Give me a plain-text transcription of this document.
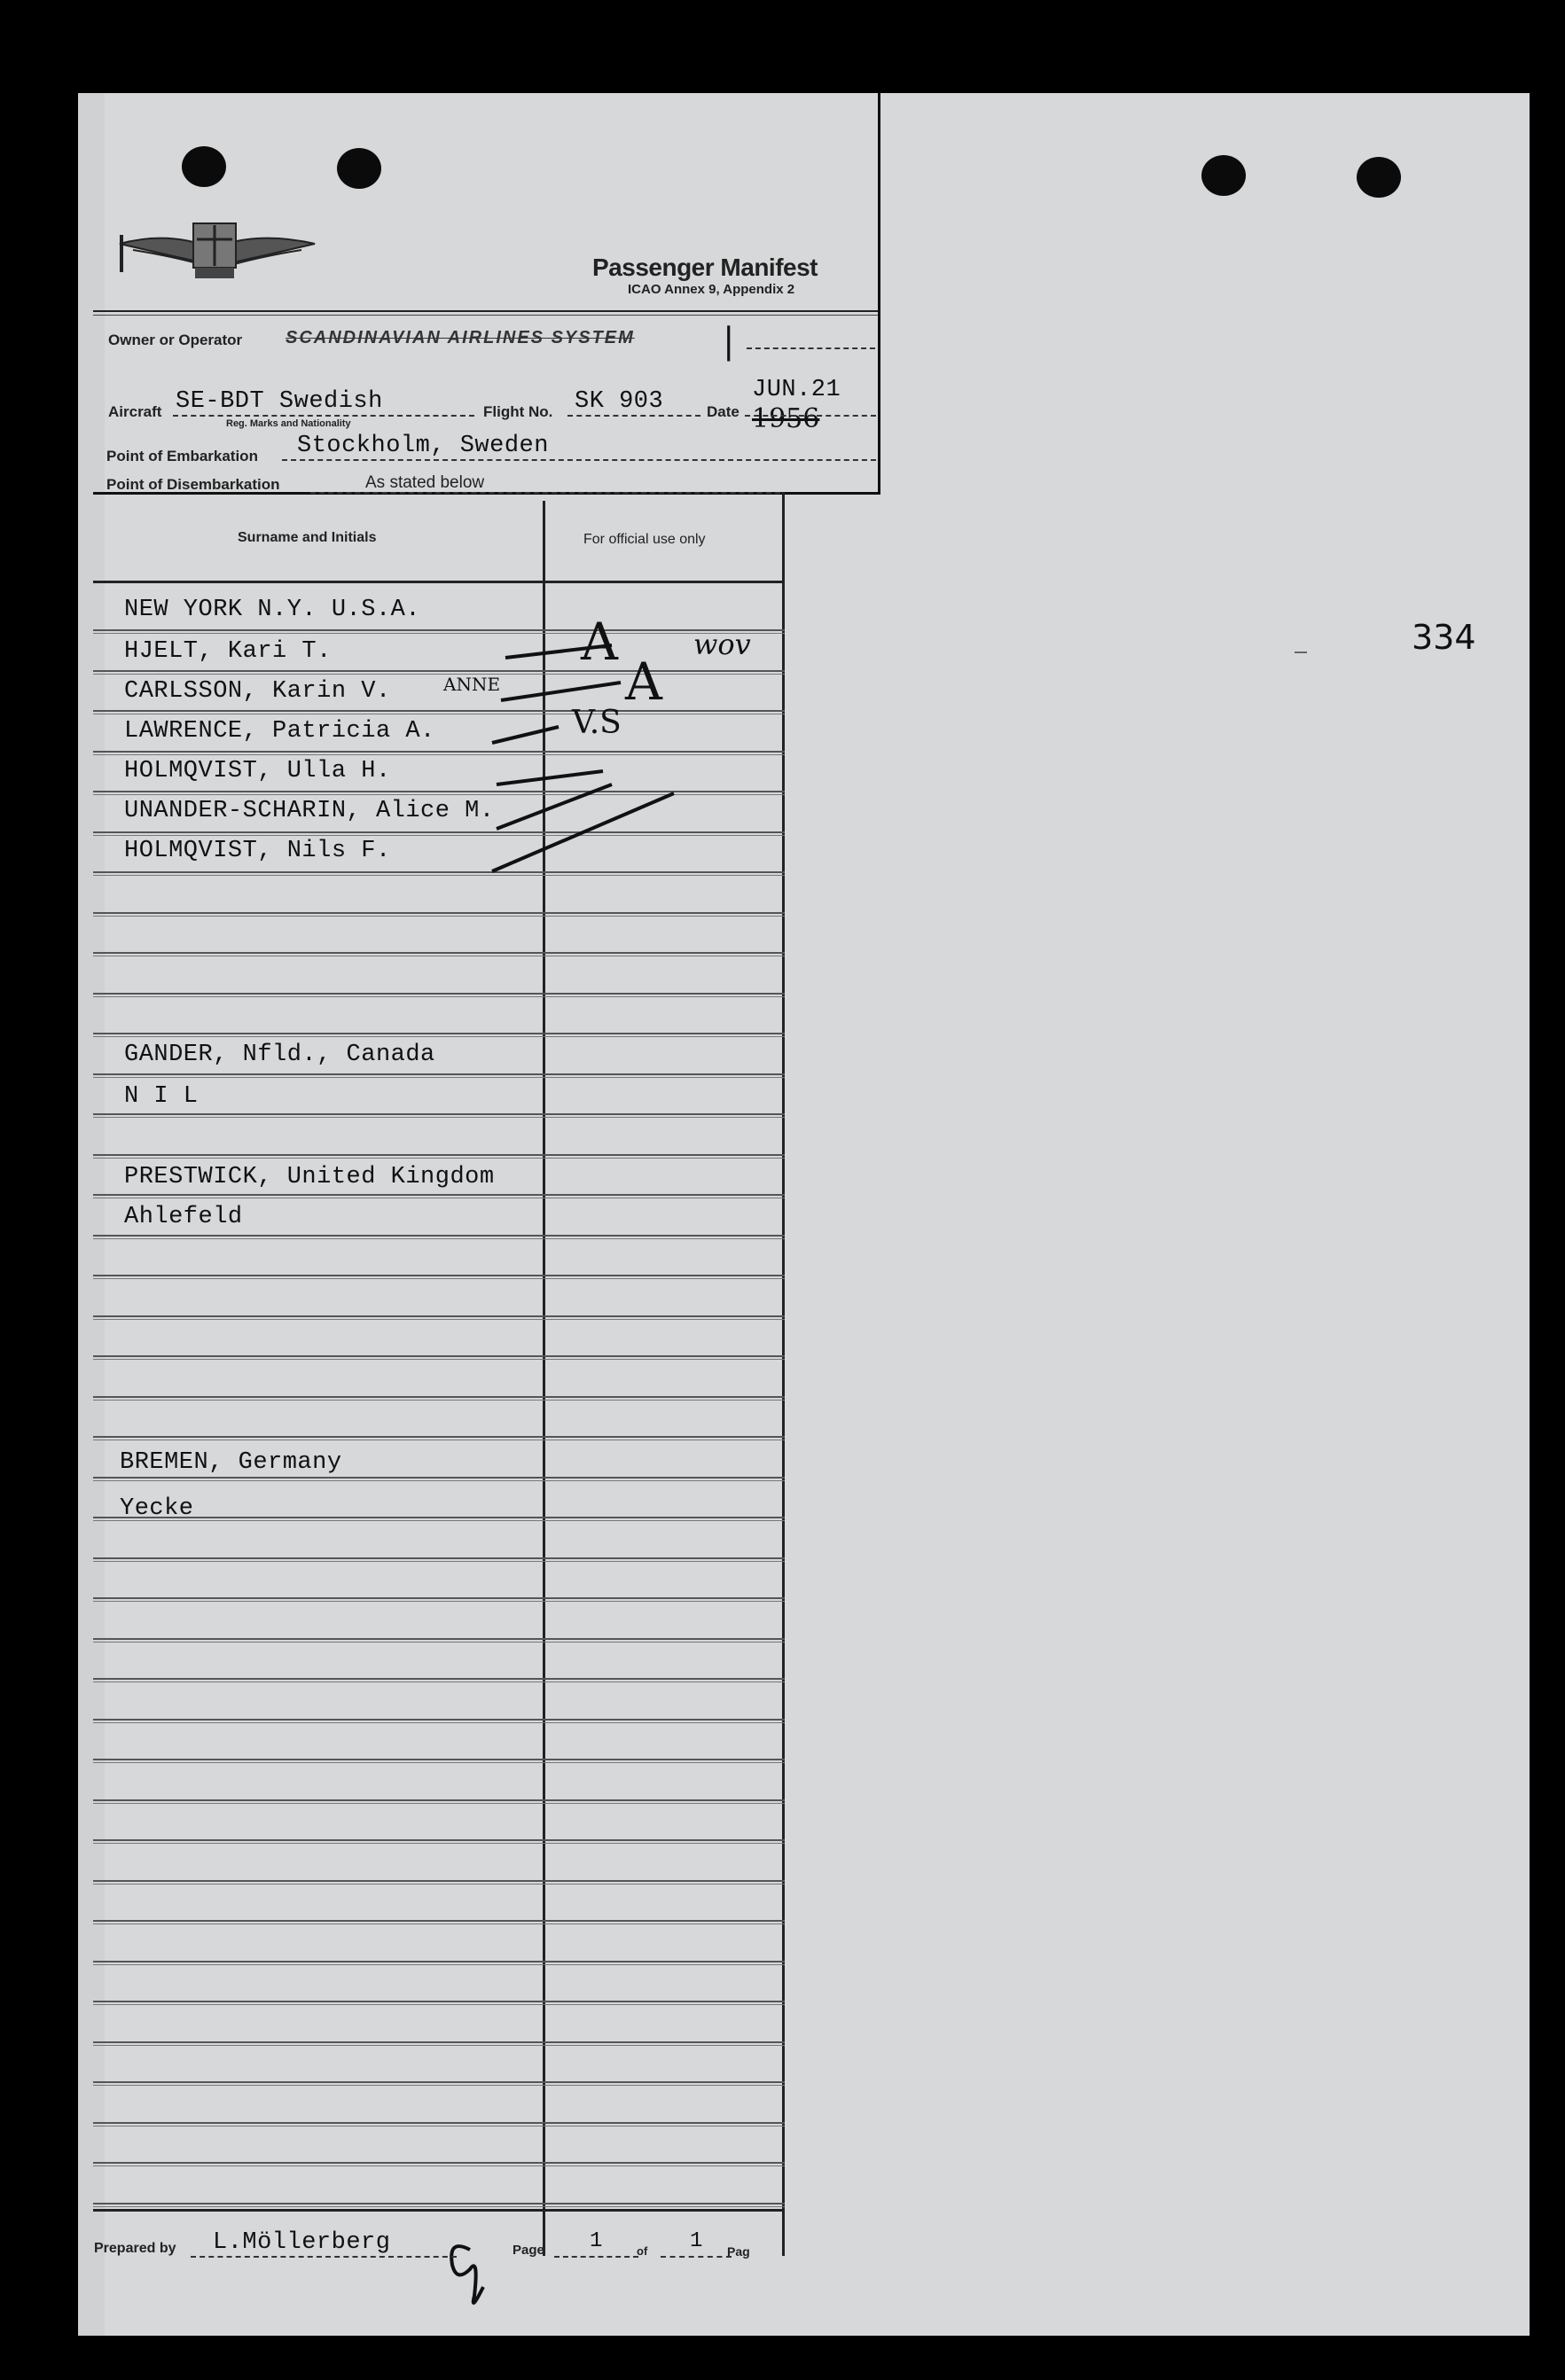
Passenger Manifest
ICAO Annex 9, Appendix 2
Owner or Operator SCANDINAVIAN AIRLINES SYSTEM |
Aircraft SE-BDT Swedish
Reg. Marks and Nationality
Flight No. SK 903	Date
JUN.21
1956
Point of Embarkation Stockholm, Sweden
Point of Disembarkation	As stated below
Surname and Initials	For official use only
NEW YORK N.Y. U.S.A.
HJELT, Kari T.
CARLSSON, Karin V.
LAWRENCE, Patricia A.
HOLMQVIST, Ulla H.
UNANDER-SCHARIN, Alice M.
HOLMQVIST, Nils F.
GANDER, Nfld., Canada
N I L
PRESTWICK, United Kingdom
Ahlefeld
BREMEN, Germany
Yecke
ANNE
A
A
V.S
wov	334
Prepared by L.Möllerberg	Page 1	of 1 Pag
